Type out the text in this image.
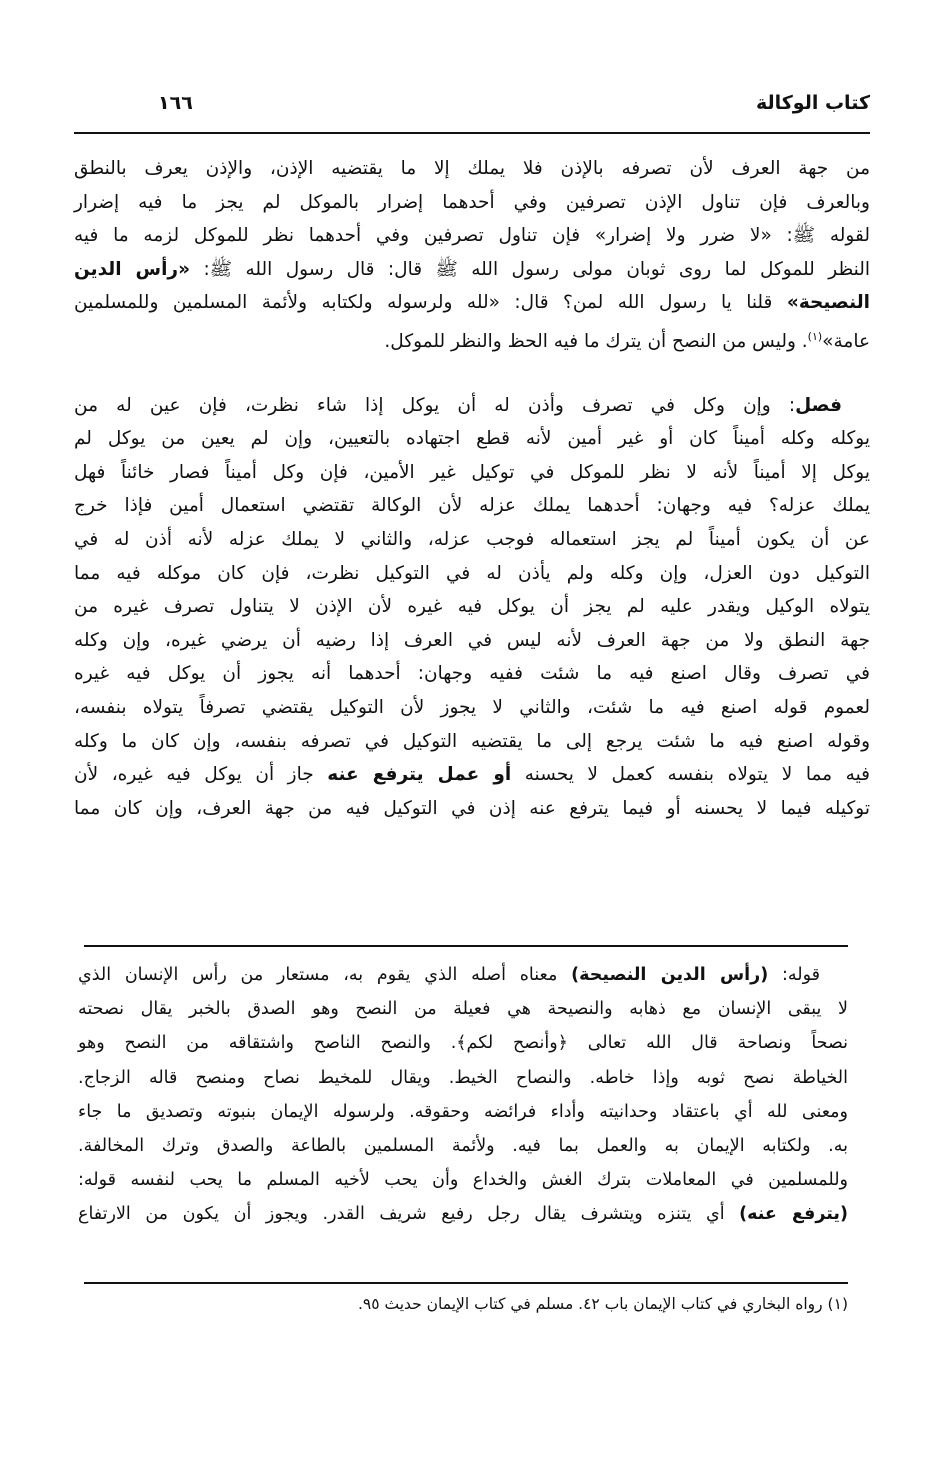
١٦٦	كتاب الوكالة
من جهة العرف لأن تصرفه بالإذن فلا يملك إلا ما يقتضيه الإذن، والإذن يعرف بالنطق
وبالعرف فإن تناول الإذن تصرفين وفي أحدهما إضرار بالموكل لم يجز ما فيه إضرار
لقوله ﷺ: «لا ضرر ولا إضرار» فإن تناول تصرفين وفي أحدهما نظر للموكل لزمه ما فيه
النظر للموكل لما روى ثوبان مولى رسول الله ﷺ قال: قال رسول الله ﷺ: «رأس الدين
النصيحة» قلنا يا رسول الله لمن؟ قال: «لله ولرسوله ولكتابه ولأئمة المسلمين وللمسلمين
عامة»$^{(١)}$. وليس من النصح أن يترك ما فيه الحظ والنظر للموكل.
فصل: وإن وكل في تصرف وأذن له أن يوكل إذا شاء نظرت، فإن عين له من
يوكله وكله أميناً كان أو غير أمين لأنه قطع اجتهاده بالتعيين، وإن لم يعين من يوكل لم
يوكل إلا أميناً لأنه لا نظر للموكل في توكيل غير الأمين، فإن وكل أميناً فصار خائناً فهل
يملك عزله؟ فيه وجهان: أحدهما يملك عزله لأن الوكالة تقتضي استعمال أمين فإذا خرج
عن أن يكون أميناً لم يجز استعماله فوجب عزله، والثاني لا يملك عزله لأنه أذن له في
التوكيل دون العزل، وإن وكله ولم يأذن له في التوكيل نظرت، فإن كان موكله فيه مما
يتولاه الوكيل ويقدر عليه لم يجز أن يوكل فيه غيره لأن الإذن لا يتناول تصرف غيره من
جهة النطق ولا من جهة العرف لأنه ليس في العرف إذا رضيه أن يرضي غيره، وإن وكله
في تصرف وقال اصنع فيه ما شئت ففيه وجهان: أحدهما أنه يجوز أن يوكل فيه غيره
لعموم قوله اصنع فيه ما شئت، والثاني لا يجوز لأن التوكيل يقتضي تصرفاً يتولاه بنفسه،
وقوله اصنع فيه ما شئت يرجع إلى ما يقتضيه التوكيل في تصرفه بنفسه، وإن كان ما وكله
فيه مما لا يتولاه بنفسه كعمل لا يحسنه أو عمل يترفع عنه جاز أن يوكل فيه غيره، لأن
توكيله فيما لا يحسنه أو فيما يترفع عنه إذن في التوكيل فيه من جهة العرف، وإن كان مما
قوله: (رأس الدين النصيحة) معناه أصله الذي يقوم به، مستعار من رأس الإنسان الذي
لا يبقى الإنسان مع ذهابه والنصيحة هي فعيلة من النصح وهو الصدق بالخبر يقال نصحته
نصحاً ونصاحة قال الله تعالى ﴿وأنصح لكم﴾. والنصح الناصح واشتقاقه من النصح وهو
الخياطة نصح ثوبه وإذا خاطه. والنصاح الخيط. ويقال للمخيط نصاح ومنصح قاله الزجاج.
ومعنى لله أي باعتقاد وحدانيته وأداء فرائضه وحقوقه. ولرسوله الإيمان بنبوته وتصديق ما جاء
به. ولكتابه الإيمان به والعمل بما فيه. ولأئمة المسلمين بالطاعة والصدق وترك المخالفة.
وللمسلمين في المعاملات بترك الغش والخداع وأن يحب لأخيه المسلم ما يحب لنفسه قوله:
(يترفع عنه) أي يتنزه ويتشرف يقال رجل رفيع شريف القدر. ويجوز أن يكون من الارتفاع
(١) رواه البخاري في كتاب الإيمان باب ٤٢. مسلم في كتاب الإيمان حديث ٩٥.
